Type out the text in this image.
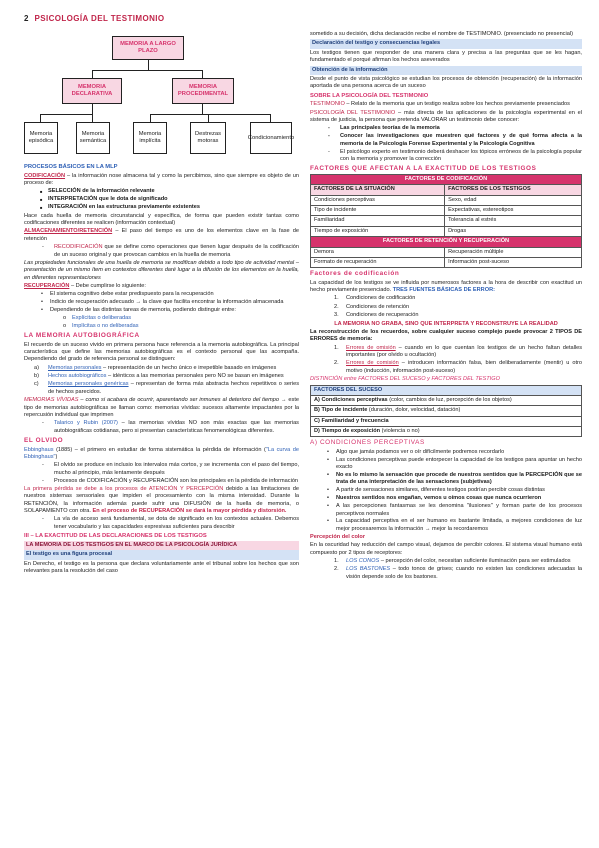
2 PSICOLOGÍA DEL TESTIMONIO
MEMORIA A LARGO PLAZO
MEMORIA DECLARATIVA
MEMORIA PROCEDIMENTAL
Memoria episódica
Memoria semántica
Memoria implícita
Destrezas motoras
Condicionamiento
PROCESOS BÁSICOS EN LA MLP
CODIFICACIÓN – la información nose almacena tal y como la percibimos, sino que siempre es objeto de un proceso de:
■ SELECCIÓN de la información relevante
■ INTERPRETACIÓN que le dota de significado
■ INTEGRACIÓN en las estructuras previamente existentes
Hace cada huella de memoria circunstancial y específica, de forma que pueden existir tantas como codificaciones diferentes se realicen (información contextual)
ALMACENAMIENTO/RETENCIÓN – El paso del tiempo es uno de los elementos clave en la fase de retención
- RECODIFICACIÓN que se define como operaciones que tienen lugar después de la codificación de un suceso original y que provocan cambios en la huella de memoria
Las propiedades funcionales de una huella de memoria se modifican debido a todo tipo de actividad mental – presentación de un mismo ítem en contextos diferentes daré lugar a la difusión de los elementos en la huella, en diferentes representaciones
RECUPERACIÓN – Debe cumplirse lo siguiente:
• El sistema cognitivo debe estar predispuesto para la recuperación
• Indicio de recuperación adecuado → la clave que facilita encontrar la información almacenada
• Dependiendo de las distintas tareas de memoria, podiendo distinguir entre:
o Explícitas o deliberadas
o Implícitas o no deliberadas
LA MEMORIA AUTOBIOGRÁFICA
El recuerdo de un suceso vivido en primera persona hace referencia a la memoria autobiográfica. La principal característica que define las memorias autobiográficas es el contexto personal que las acompaña. Dependiendo del grado de referencia personal se distinguen:
a) Memorias personales – representación de un hecho único e irrepetible basado en imágenes
b) Hechos autobiográficos – idénticos a las memorias personales pero NO se basan en imágenes
c) Memorias personales genéricas – representan de forma más abstracta hechos repetitivos o series de hechos parecidos.
MEMORIAS VÍVIDAS – como si acabara de ocurrir, aparentando ser inmunes al deterioro del tiempo → este tipo de memorias autobiográficas se llaman como: memorias vívidas: sucesos altamente impactantes por la repercusión individual que imprimen
- Talarico y Rubin (2007) – las memorias vívidas NO son más exactas que las memorias autobiográficas cotidianas, pero si presentan características fenomenológicas diferentes.
EL OLVIDO
Ebbinghaus (1885) – el primero en estudiar de forma sistemática la pérdida de información ("La curva de Ebbinghaus")
- El olvido se produce en inclusio los intervalos más cortos, y se incrementa con el paso del tiempo, mucho al principio, más lentamente después
- Procesos de CODIFICACIÓN y RECUPERACIÓN son los principales en la pérdida de información
La primera pérdida se debe a los procesos de ATENCIÓN Y PERCEPCIÓN debido a las limitaciones de nuestros sistemas sensoriales que impiden el procesamiento con la misma intensidad. Durante la RETENCIÓN, la información además puede sufrir una DIFUSIÓN de la huella de memoria, o SOLAPAMIENTO con otra. En el proceso de RECUPERACIÓN se dará la mayor pérdida y distorsión.
- La vía de acceso será fundamental, se dota de significado en los contextos actuales. Debemos tener vocabulario y las capacidades expresivas suficientes para describir
III – LA EXACTITUD DE LAS DECLARACIONES DE LOS TESTIGOS
LA MEMORIA DE LOS TESTIGOS EN EL MARCO DE LA PSICOLOGÍA JURÍDICA
El testigo es una figura procesal
En Derecho, el testigo es la persona que declara voluntariamente ante el tribunal sobre los hechos que son relevantes para la resolución del caso
sometido a su decisión, dicha declaración recibe el nombre de TESTIMONIO. (presenciado no presencial)
Declaración del testigo y consecuencias legales
Los testigos tienen que responder de una manera clara y precisa a las preguntas que se les hagan, fundamentado el porqué afirman los hechos aseverados
Obtención de la información
Desde el punto de vista psicológico se estudian los procesos de obtención (recuperación) de la información aportada de una persona acerca de un suceso
SOBRE LA PSICOLOGÍA DEL TESTIMONIO
TESTIMONIO – Relato de la memoria que un testigo realiza sobre los hechos previamente presenciados
PSICOLOGÍA DEL TESTIMONIO – más directa de las aplicaciones de la psicología experimental en el sistema de justicia, la persona que pretenda VALORAR un testimonio debe conocer:
- Las principales teorías de la memoria
- Conocer las investigaciones que muestren qué factores y de qué forma afecta a la memoria de la Psicología Forense Experimental y la Psicología Cognitiva
- El psicólogo experto en testimonio deberá deshacer los tópicos erróneos de la psicología popular con la memoria y promover la corrección
FACTORES QUE AFECTAN A LA EXACTITUD DE LOS TESTIGOS
FACTORES DE CODIFICACIÓN	
FACTORES DE LA SITUACIÓN	FACTORES DE LOS TESTIGOS
Condiciones perceptivas	Sexo, edad
Tipo de incidente	Expectativas, estereotipos
Familiaridad	Tolerancia al estrés
Tiempo de exposición	Drogas
FACTORES DE RETENCIÓN Y RECUPERACIÓN	
Demora	Recuperación múltiple
Formato de recuperación	Información post-suceso
Factores de codificación
La capacidad de los testigos se ve influida por numerosos factores a la hora de describir con exactitud un hecho previamente presenciado. TRES FUENTES BÁSICAS DE ERROR:
1. Condiciones de codificación
2. Condiciones de retención
3. Condiciones de recuperación
LA MEMORIA NO GRABA, SINO QUE INTERPRETA Y RECONSTRUYE LA REALIDAD
La reconstrucción de los recuerdos, sobre cualquier suceso complejo puede provocar 2 TIPOS DE ERRORES de memoria:
1. Errores de omisión – cuando en lo que cuentan los testigos de un hecho faltan detalles importantes (por olvido u ocultación)
2. Errores de comisión – introducen información falsa, bien deliberadamente (mentir) u otro motivo (inducción, información post-suceso)
DISTINCIÓN entre FACTORES DEL SUCESO y FACTORES DEL TESTIGO
FACTORES DEL SUCESO
A) Condiciones perceptivas (color, cambios de luz, percepción de los objetos)
B) Tipo de incidente (duración, dolor, velocidad, datación)
C) Familiaridad y frecuencia
D) Tiempo de exposición (violencia o no)
A) CONDICIONES PERCEPTIVAS
• Algo que jamás podamos ver o oír difícilmente podremos recordarlo
• Las condiciones perceptivas puede entorpecer la capacidad de los testigos para apuntar un hecho exacto
• No es lo mismo la sensación que procede de nuestros sentidos que la PERCEPCIÓN que se trata de una interpretación de las sensaciones (subjetivas)
• A partir de sensaciones similares, diferentes testigos podrían percibir cosas distintas
• Nuestros sentidos nos engañan, vemos u oímos cosas que nunca ocurrieron
• A las percepciones fantasmas se les denomina "ilusiones" y forman parte de los procesos perceptivos normales
• La capacidad perceptiva en el ser humano es bastante limitada, a mejores condiciones de luz mejor procesaremos la información → mejor la recordaremos
Percepción del color
En la oscuridad hay reducción del campo visual, dejamos de percibir colores. El sistema visual humano está compuesto por 2 tipos de receptores:
1. LOS CONOS – percepción del color, necesitan suficiente iluminación para ser estimulados
2. LOS BASTONES – todo tonos de grises; cuando no existen las condiciones adecuadas la visión depende solo de los bastones.
